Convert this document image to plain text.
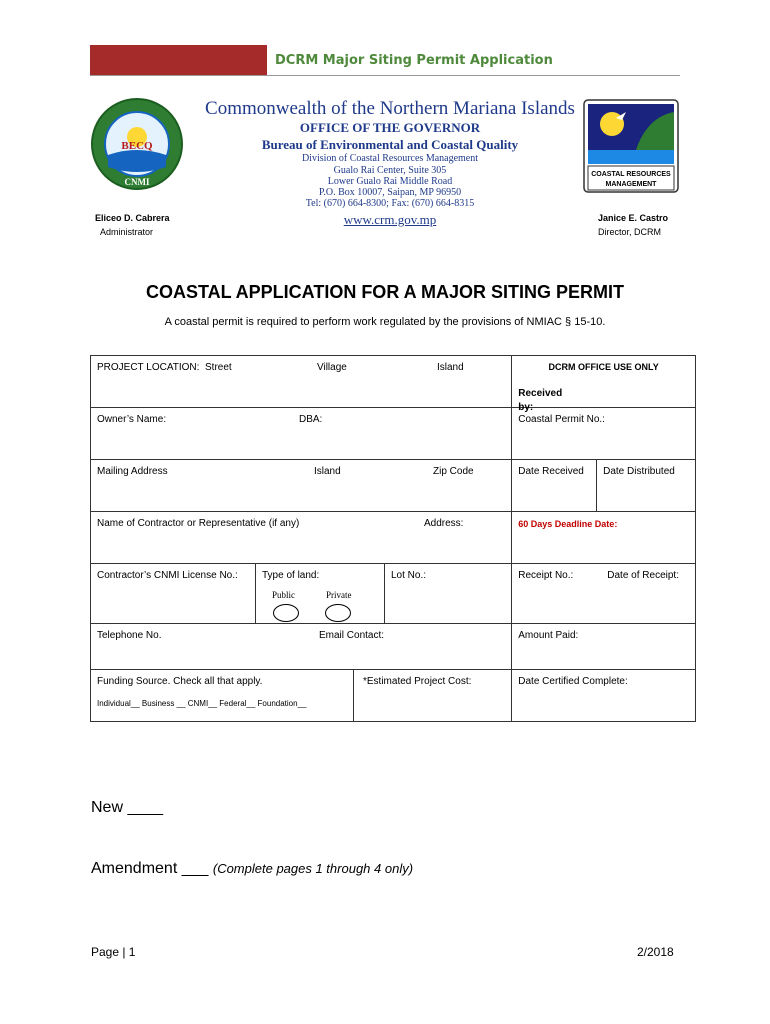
DCRM Major Siting Permit Application
BECQ
CNMI
Commonwealth of the Northern Mariana Islands
OFFICE OF THE GOVERNOR
Bureau of Environmental and Coastal Quality
Division of Coastal Resources Management
Gualo Rai Center, Suite 305
Lower Gualo Rai Middle Road
P.O. Box 10007, Saipan, MP 96950
Tel: (670) 664-8300; Fax: (670) 664-8315
www.crm.gov.mp
COASTAL RESOURCES
MANAGEMENT
Eliceo D. Cabrera
Administrator
Janice E. Castro
Director, DCRM
COASTAL APPLICATION FOR A MAJOR SITING PERMIT
A coastal permit is required to perform work regulated by the provisions of NMIAC § 15-10.
PROJECT LOCATION: Street Village Island	DCRM OFFICE USE ONLY
Received by:	

Owner’s Name: DBA:	Coastal Permit No.:	

Mailing Address Island Zip Code	Date Received	Date Distributed

Name of Contractor or Representative (if any) Address:	60 Days Deadline Date:	

Contractor’s CNMI License No.: Type of land:
Public Private
Lot No.:	Receipt No.: Date of Receipt:	

Telephone No. Email Contact:	Amount Paid:	

Funding Source. Check all that apply.
Individual__ Business __ CNMI__ Federal__ Foundation__
*Estimated Project Cost:	Date Certified Complete:	
New ____
Amendment ___ (Complete pages 1 through 4 only)
Page | 1	2/2018
